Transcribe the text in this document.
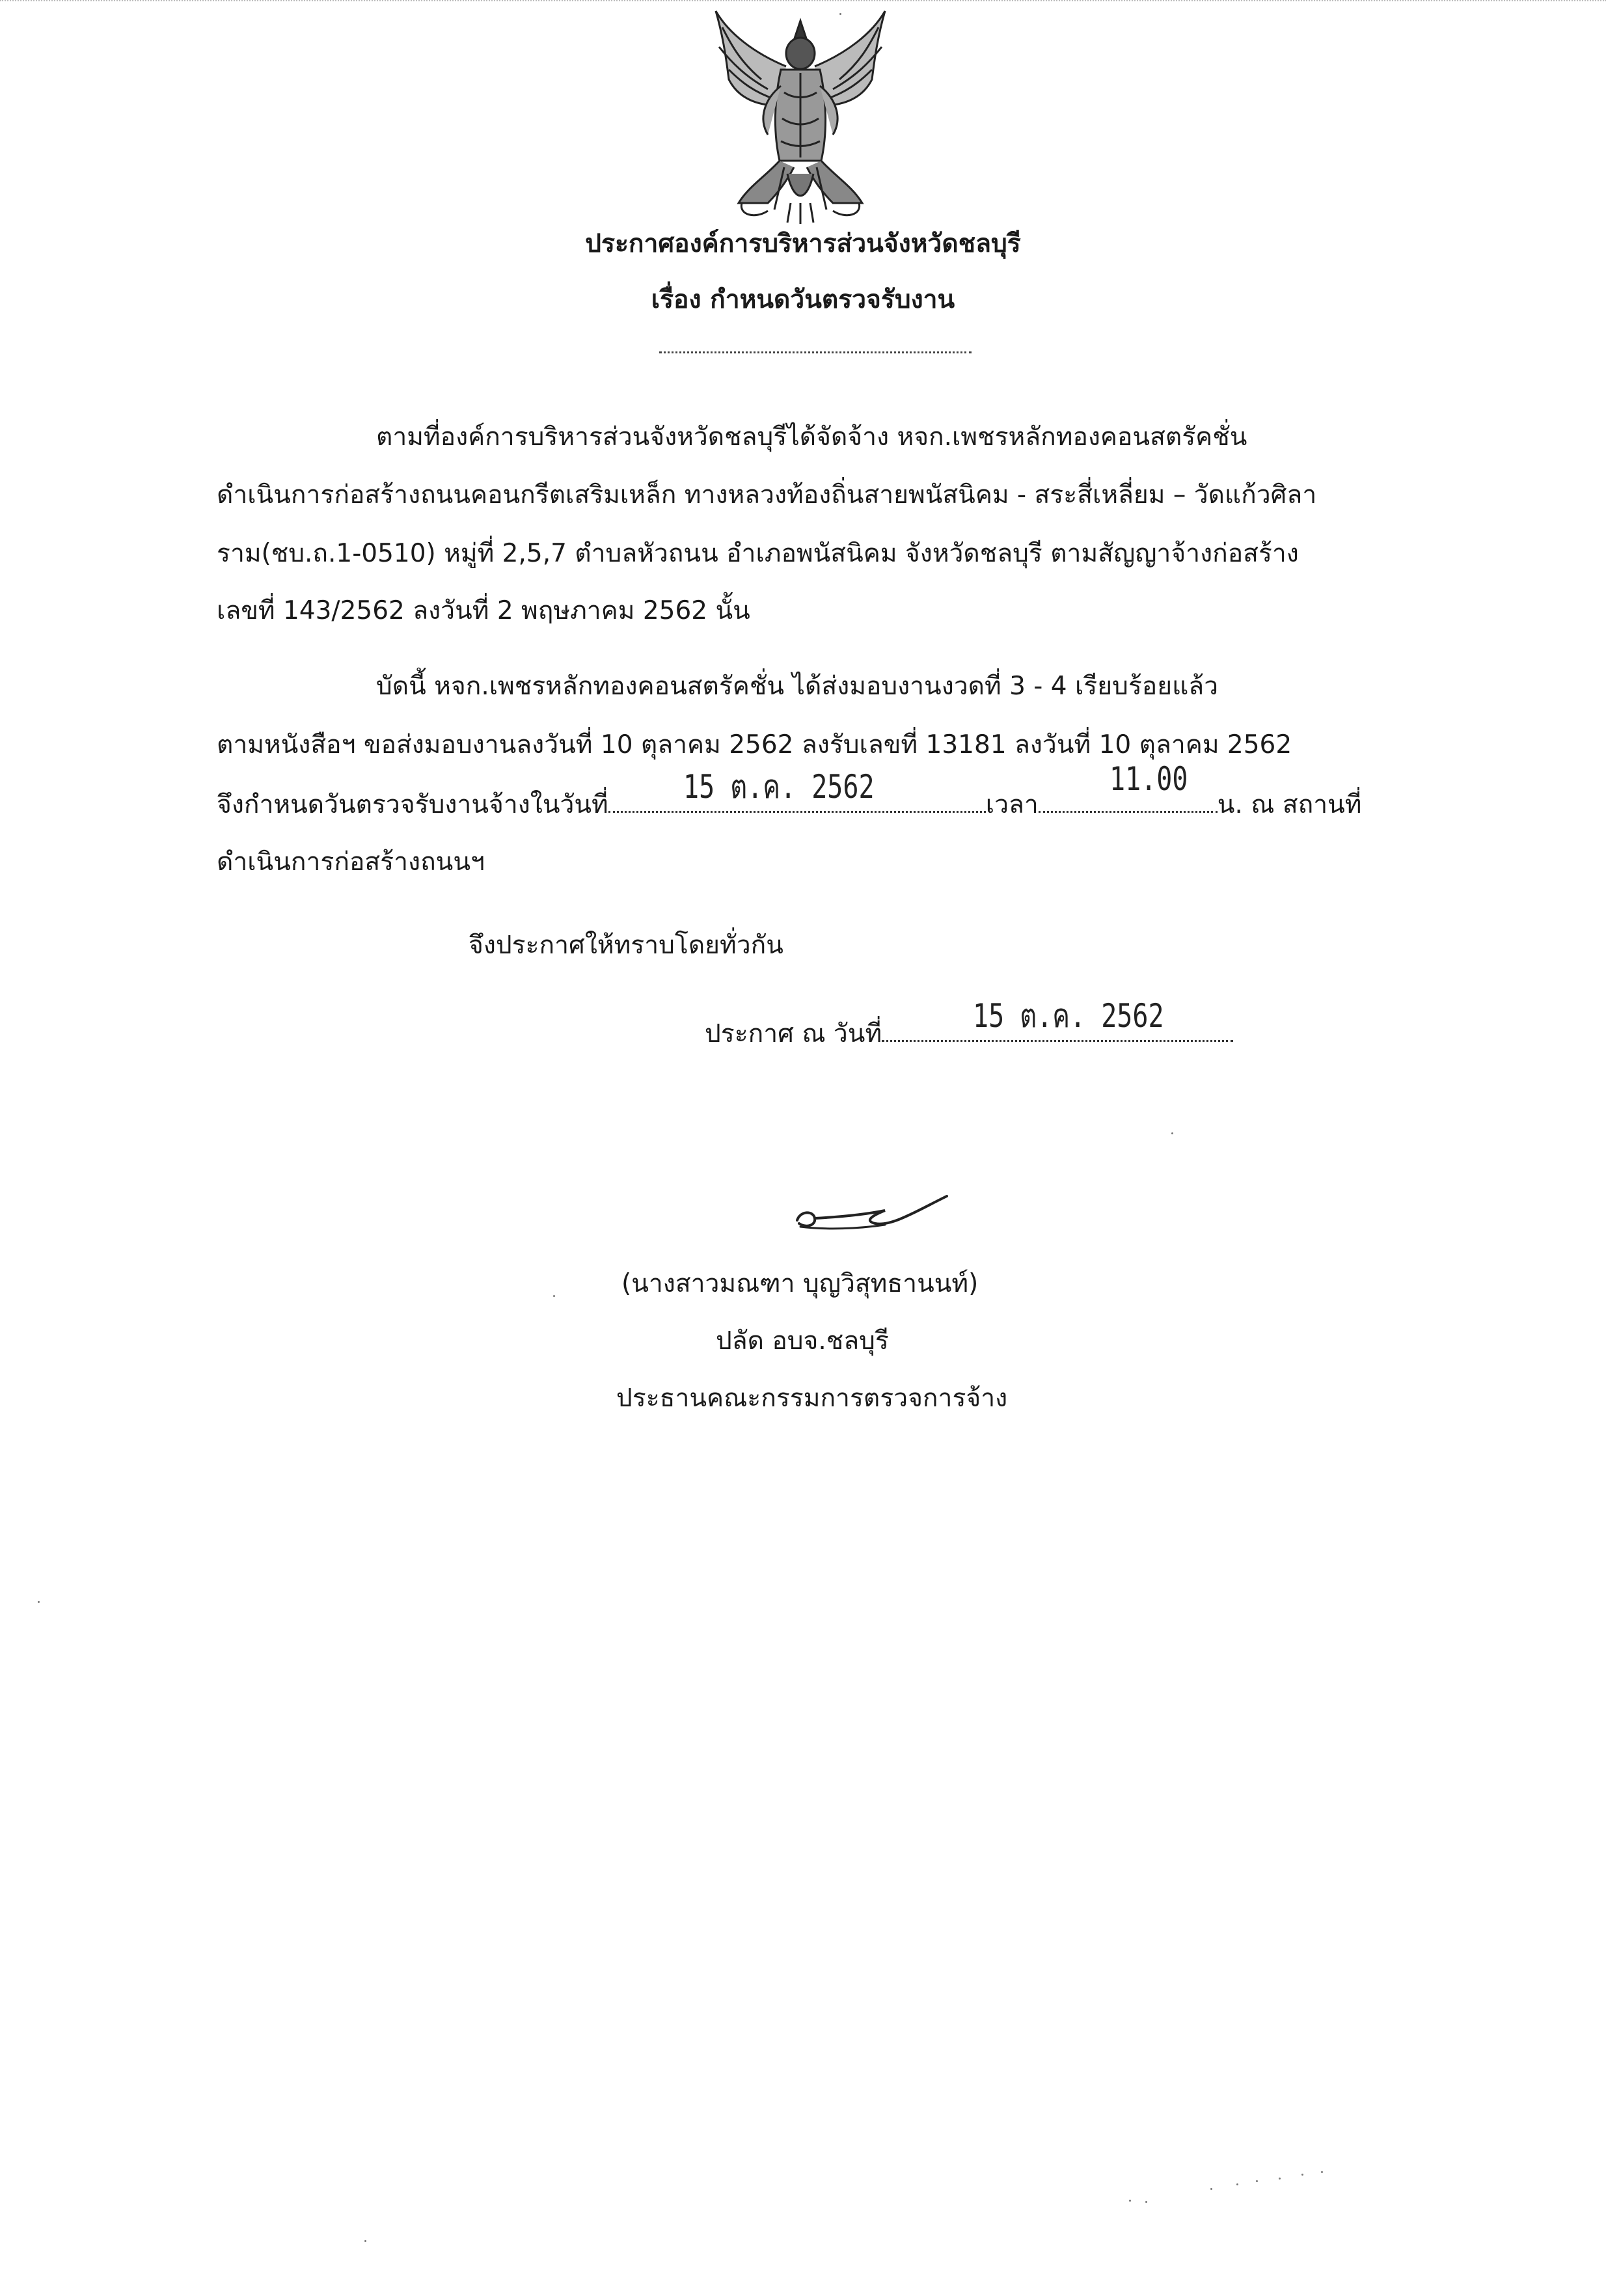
ประกาศองค์การบริหารส่วนจังหวัดชลบุรี
เรื่อง กำหนดวันตรวจรับงาน
ตามที่องค์การบริหารส่วนจังหวัดชลบุรีได้จัดจ้าง หจก.เพชรหลักทองคอนสตรัคชั่น
ดำเนินการก่อสร้างถนนคอนกรีตเสริมเหล็ก ทางหลวงท้องถิ่นสายพนัสนิคม - สระสี่เหลี่ยม – วัดแก้วศิลา
ราม(ชบ.ถ.1-0510) หมู่ที่ 2,5,7 ตำบลหัวถนน อำเภอพนัสนิคม จังหวัดชลบุรี ตามสัญญาจ้างก่อสร้าง
เลขที่ 143/2562 ลงวันที่ 2 พฤษภาคม 2562 นั้น
บัดนี้ หจก.เพชรหลักทองคอนสตรัคชั่น ได้ส่งมอบงานงวดที่ 3 - 4 เรียบร้อยแล้ว
ตามหนังสือฯ ขอส่งมอบงานลงวันที่ 10 ตุลาคม 2562 ลงรับเลขที่ 13181 ลงวันที่ 10 ตุลาคม 2562
จึงกำหนดวันตรวจรับงานจ้างในวันที่	เวลา	น. ณ สถานที่
15 ต.ค. 2562	11.00
ดำเนินการก่อสร้างถนนฯ
จึงประกาศให้ทราบโดยทั่วกัน
ประกาศ ณ วันที่	15 ต.ค. 2562
(นางสาวมณฑา บุญวิสุทธานนท์)
ปลัด อบจ.ชลบุรี
ประธานคณะกรรมการตรวจการจ้าง
